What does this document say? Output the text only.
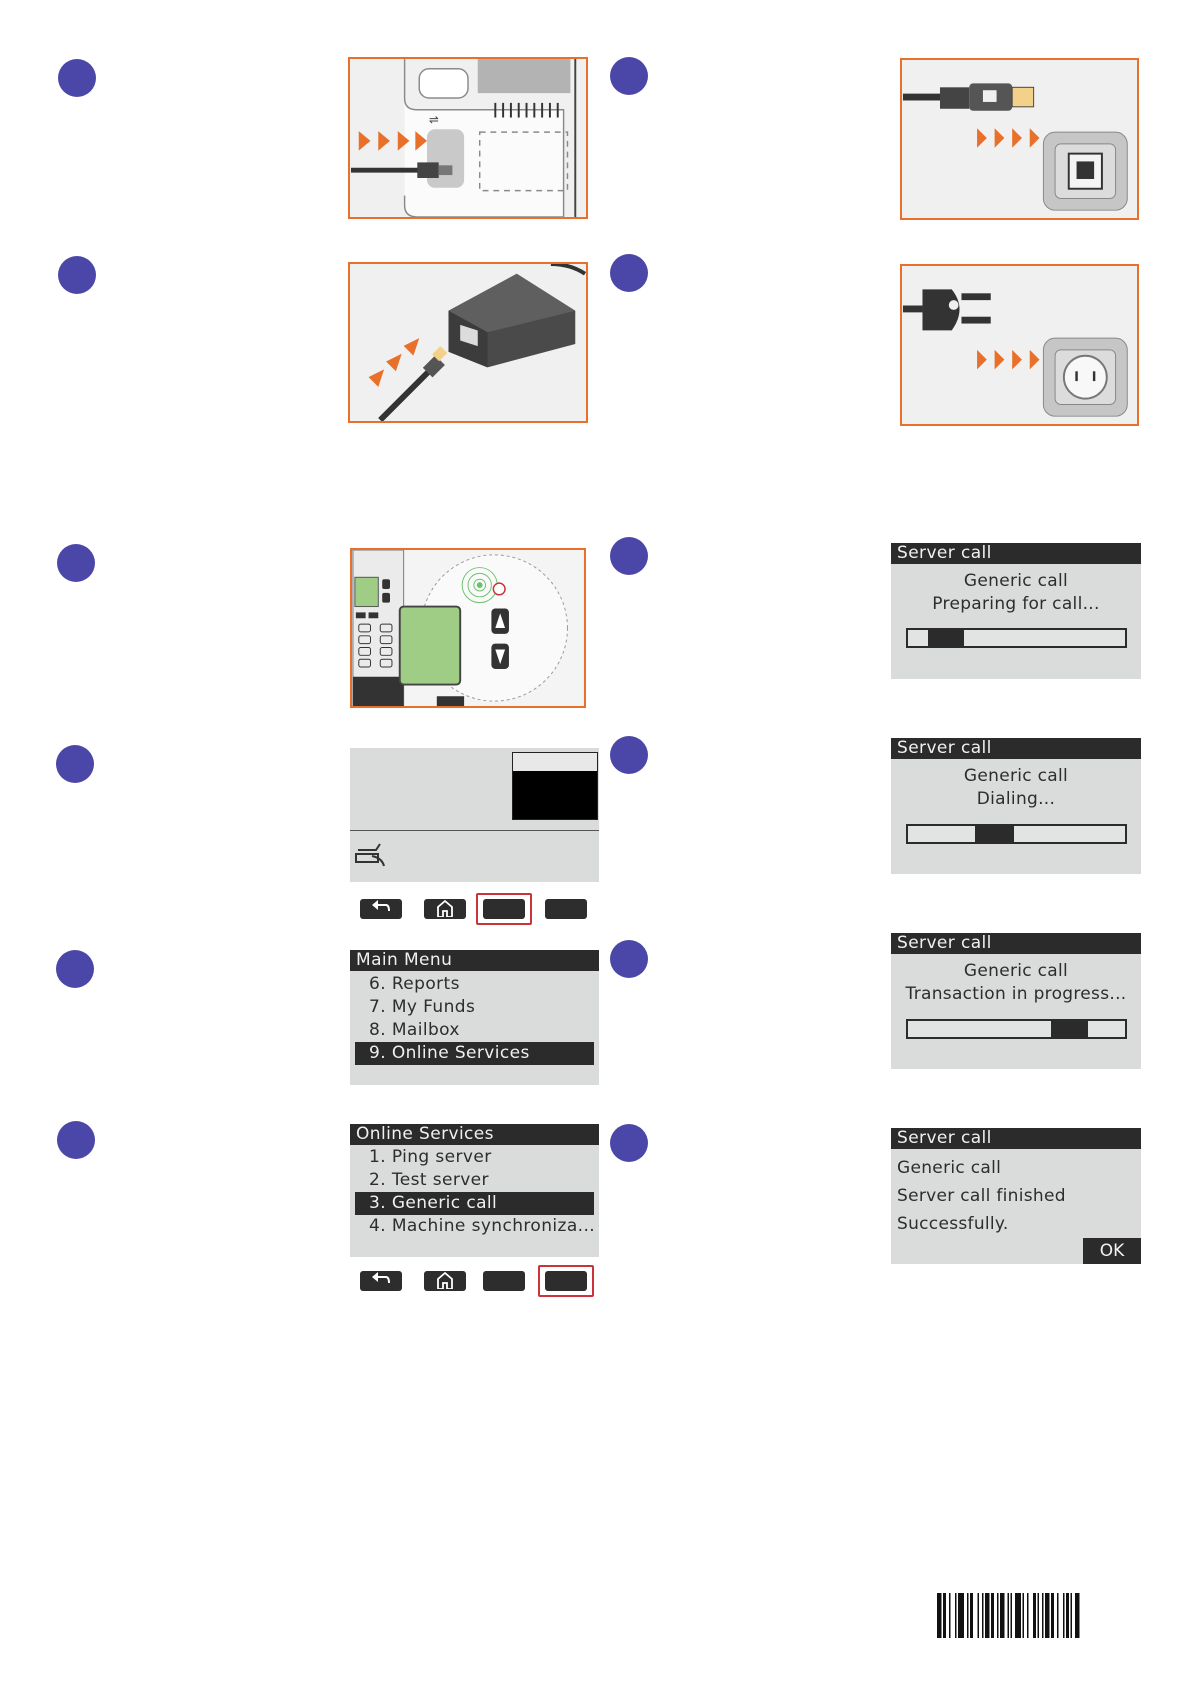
⇌
Main Menu
6. Reports
7. My Funds
8. Mailbox
9. Online Services
Online Services
1. Ping server
2. Test server
3. Generic call
4. Machine synchroniza...
Server call
Generic call
Preparing for call...
Server call
Generic call
Dialing...
Server call
Generic call
Transaction in progress...
Server call
Generic call
Server call finished
Successfully.
OK
